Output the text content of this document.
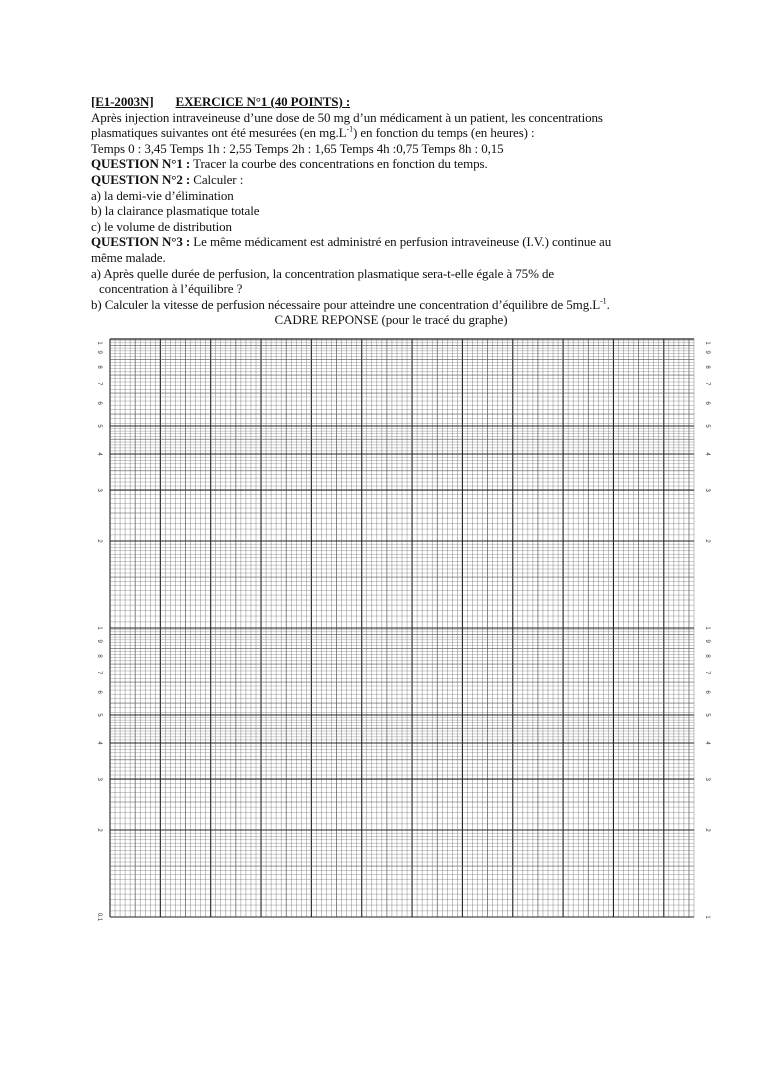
[E1-2003N] EXERCICE N°1 (40 POINTS) :

Après injection intraveineuse d’une dose de 50 mg d’un médicament à un patient, les concentrations

plasmatiques suivantes ont été mesurées (en $mg.L^{-1}$) en fonction du temps (en heures) :

Temps 0 : 3,45 Temps 1h : 2,55 Temps 2h : 1,65 Temps 4h :0,75 Temps 8h : 0,15

QUESTION N°1 : Tracer la courbe des concentrations en fonction du temps.

QUESTION N°2 : Calculer :

a) la demi-vie d’élimination

b) la clairance plasmatique totale

c) le volume de distribution

QUESTION N°3 : Le même médicament est administré en perfusion intraveineuse (I.V.) continue au

même malade.

a) Après quelle durée de perfusion, la concentration plasmatique sera-t-elle égale à 75% de

concentration à l’équilibre ?

b) Calculer la vitesse de perfusion nécessaire pour atteindre une concentration d’équilibre de $5mg.L^{-1}$.

CADRE REPONSE (pour le tracé du graphe)

0.1	1
2	2
3	3
4	4
5	5
6	6
7	7
8	8
9	9
1	1
2	2
3	3
4	4
5	5
6	6
7	7
8	8
9	9
1	1
